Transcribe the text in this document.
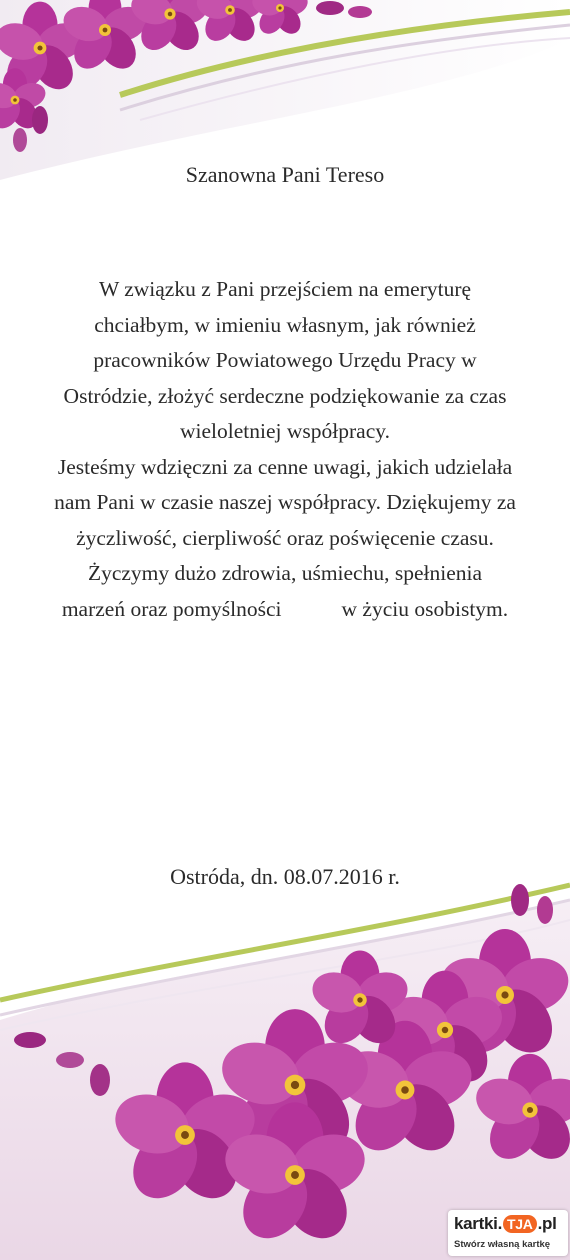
Szanowna Pani Tereso
W związku z Pani przejściem na emeryturę
chciałbym, w imieniu własnym, jak również
pracowników Powiatowego Urzędu Pracy w
Ostródzie, złożyć serdeczne podziękowanie za czas
wieloletniej współpracy.
Jesteśmy wdzięczni za cenne uwagi, jakich udzielała
nam Pani w czasie naszej współpracy. Dziękujemy za
życzliwość, cierpliwość oraz poświęcenie czasu.
Życzymy dużo zdrowia, uśmiechu, spełnienia
marzeń oraz pomyślności	w życiu osobistym.
Ostróda, dn. 08.07.2016 r.
kartki. TJA .pl
Stwórz własną kartkę
